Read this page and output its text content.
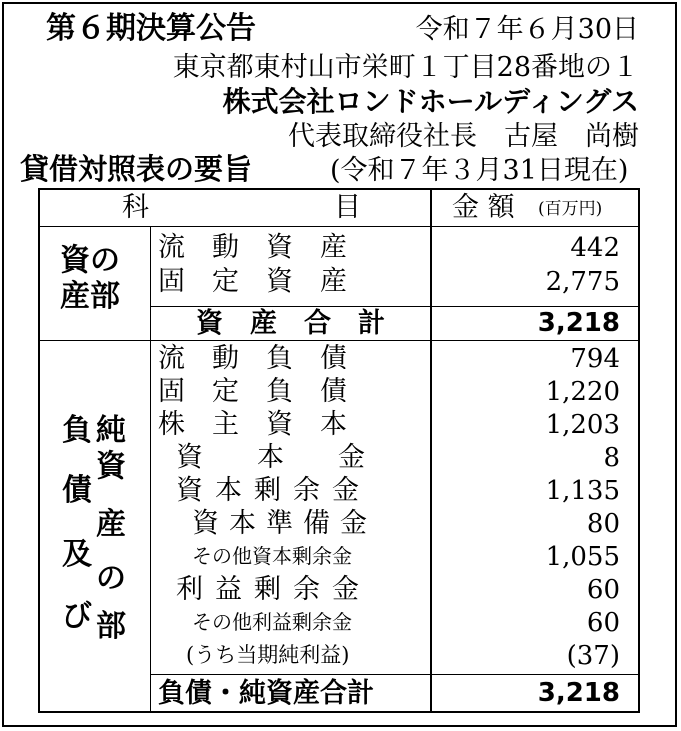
第６期決算公告	令和７年６月30日
東京都東村山市栄町１丁目28番地の１
株式会社ロンドホールディングス
代表取締役社長　古屋　尚樹
貸借対照表の要旨	(令和７年３月31日現在)
科	目	金 額 (百万円)
資の
産部
流　動　資　産	442
固　定　資　産	2,775
資　産　合　計	3,218
負
債
及
び
純
資
産
の
部
流　動　負　債	794
固　定　負　債	1,220
株　主　資　本	1,203
資　　本　　金	8
資本剰余金	1,135
資本準備金	80
その他資本剰余金	1,055
利益剰余金	60
その他利益剰余金	60
(うち当期純利益)	(37)
負債・純資産合計	3,218
